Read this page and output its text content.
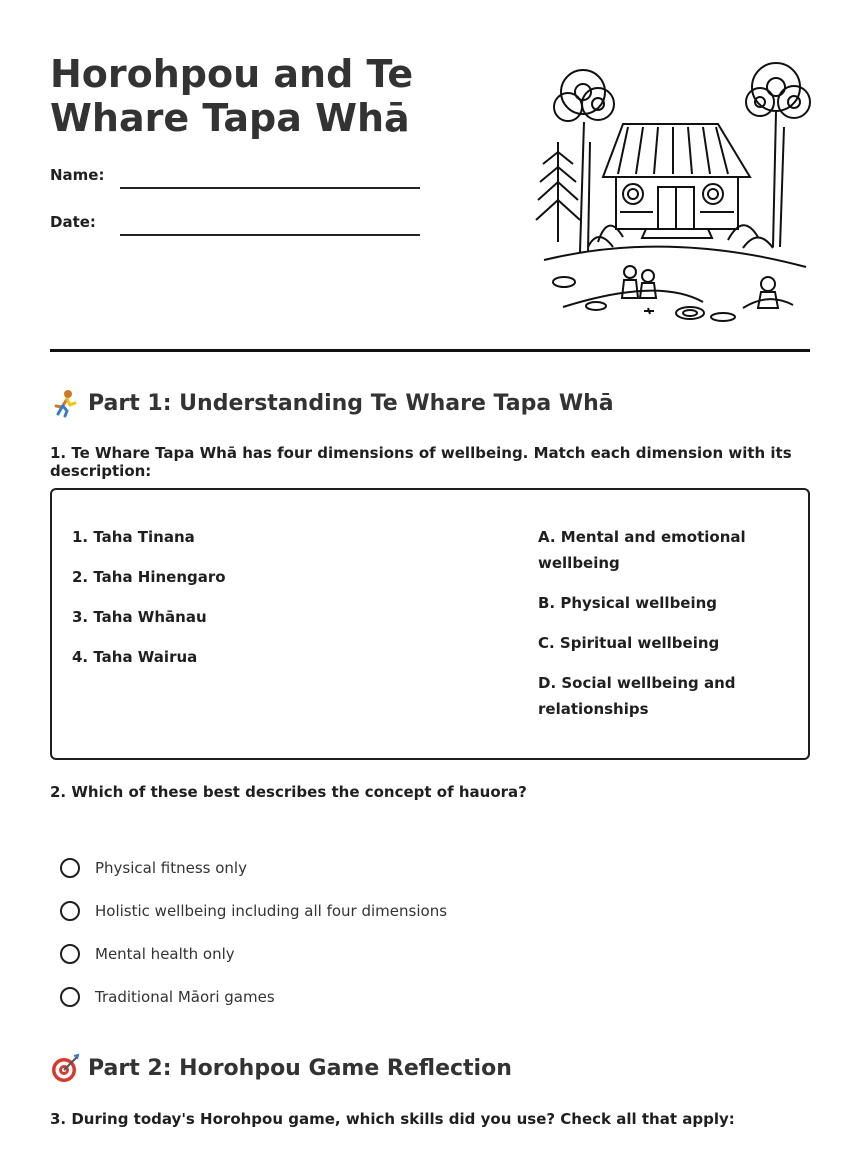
Horohpou and Te Whare Tapa Whā
Name:
Date:
Part 1: Understanding Te Whare Tapa Whā
1. Te Whare Tapa Whā has four dimensions of wellbeing. Match each dimension with its description:
1. Taha Tinana
2. Taha Hinengaro
3. Taha Whānau
4. Taha Wairua
A. Mental and emotional wellbeing
B. Physical wellbeing
C. Spiritual wellbeing
D. Social wellbeing and relationships
2. Which of these best describes the concept of hauora?
Physical fitness only
Holistic wellbeing including all four dimensions
Mental health only
Traditional Māori games
Part 2: Horohpou Game Reflection
3. During today's Horohpou game, which skills did you use? Check all that apply:
